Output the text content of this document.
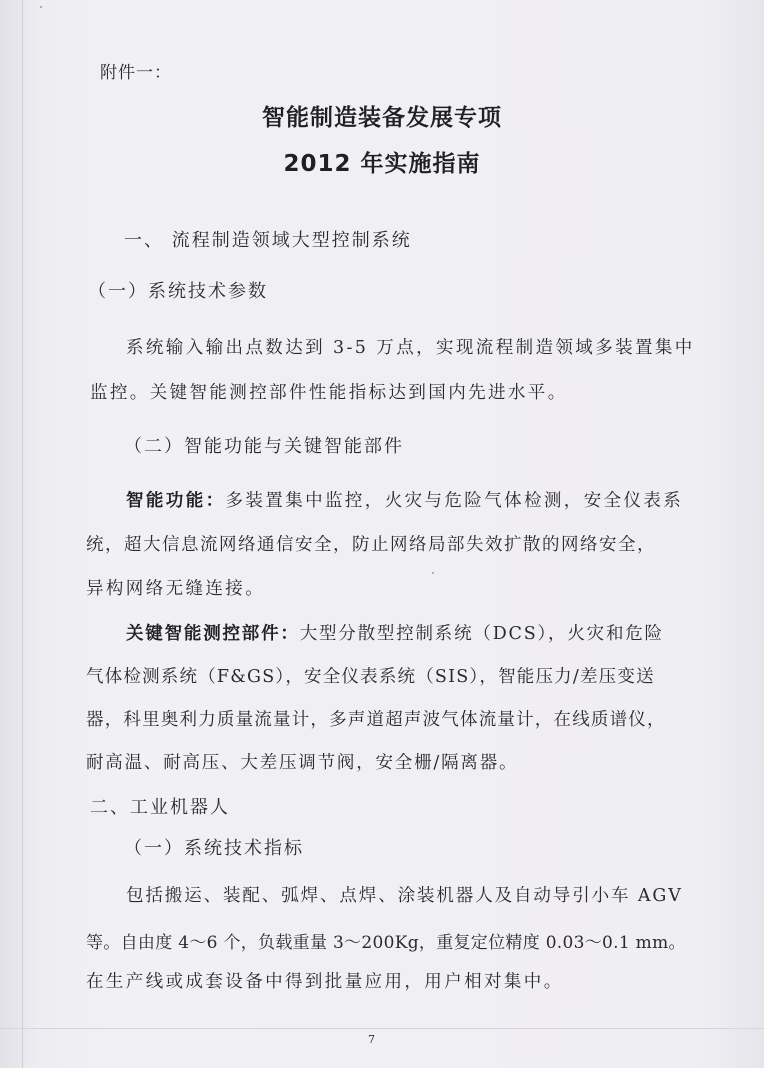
附件一：
智能制造装备发展专项
2012 年实施指南
一、 流程制造领域大型控制系统
（一）系统技术参数
系统输入输出点数达到 3-5 万点，实现流程制造领域多装置集中
监控。关键智能测控部件性能指标达到国内先进水平。
（二）智能功能与关键智能部件
智能功能：多装置集中监控，火灾与危险气体检测，安全仪表系
统，超大信息流网络通信安全，防止网络局部失效扩散的网络安全，
异构网络无缝连接。
关键智能测控部件：大型分散型控制系统（DCS），火灾和危险
气体检测系统（F&GS），安全仪表系统（SIS），智能压力/差压变送
器，科里奥利力质量流量计，多声道超声波气体流量计，在线质谱仪，
耐高温、耐高压、大差压调节阀，安全栅/隔离器。
二、工业机器人
（一）系统技术指标
包括搬运、装配、弧焊、点焊、涂装机器人及自动导引小车 AGV
等。自由度 4～6 个，负载重量 3～200Kg，重复定位精度 0.03～0.1 mm。
在生产线或成套设备中得到批量应用，用户相对集中。
7
